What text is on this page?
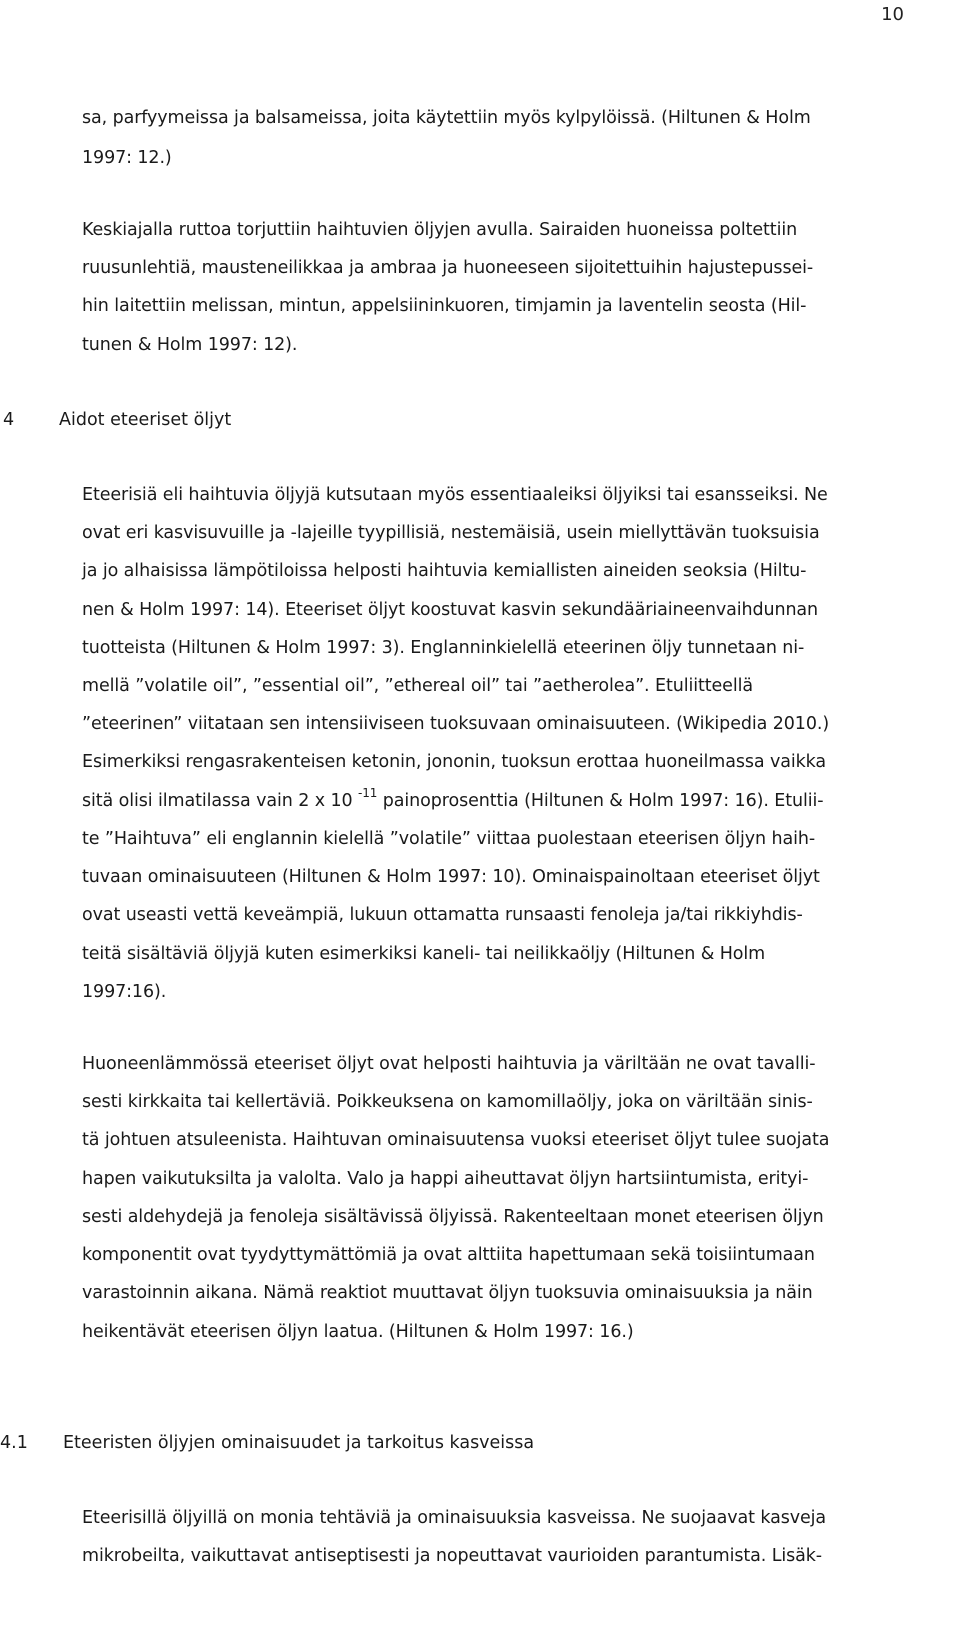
10
sa, parfyymeissa ja balsameissa, joita käytettiin myös kylpylöissä. (Hiltunen & Holm
1997: 12.)
Keskiajalla ruttoa torjuttiin haihtuvien öljyjen avulla. Sairaiden huoneissa poltettiin
ruusunlehtiä, mausteneilikkaa ja ambraa ja huoneeseen sijoitettuihin hajustepussei-
hin laitettiin melissan, mintun, appelsiininkuoren, timjamin ja laventelin seosta (Hil-
tunen & Holm 1997: 12).
4	Aidot eteeriset öljyt
Eteerisiä eli haihtuvia öljyjä kutsutaan myös essentiaaleiksi öljyiksi tai esansseiksi. Ne
ovat eri kasvisuvuille ja -lajeille tyypillisiä, nestemäisiä, usein miellyttävän tuoksuisia
ja jo alhaisissa lämpötiloissa helposti haihtuvia kemiallisten aineiden seoksia (Hiltu-
nen & Holm 1997: 14). Eteeriset öljyt koostuvat kasvin sekundääriaineenvaihdunnan
tuotteista (Hiltunen & Holm 1997: 3). Englanninkielellä eteerinen öljy tunnetaan ni-
mellä ”volatile oil”, ”essential oil”, ”ethereal oil” tai ”aetherolea”. Etuliitteellä
”eteerinen” viitataan sen intensiiviseen tuoksuvaan ominaisuuteen. (Wikipedia 2010.)
Esimerkiksi rengasrakenteisen ketonin, jononin, tuoksun erottaa huoneilmassa vaikka
sitä olisi ilmatilassa vain 2 x 10 $^{-11}$ painoprosenttia (Hiltunen & Holm 1997: 16). Etulii-
te ”Haihtuva” eli englannin kielellä ”volatile” viittaa puolestaan eteerisen öljyn haih-
tuvaan ominaisuuteen (Hiltunen & Holm 1997: 10). Ominaispainoltaan eteeriset öljyt
ovat useasti vettä keveämpiä, lukuun ottamatta runsaasti fenoleja ja/tai rikkiyhdis-
teitä sisältäviä öljyjä kuten esimerkiksi kaneli- tai neilikkaöljy (Hiltunen & Holm
1997:16).
Huoneenlämmössä eteeriset öljyt ovat helposti haihtuvia ja väriltään ne ovat tavalli-
sesti kirkkaita tai kellertäviä. Poikkeuksena on kamomillaöljy, joka on väriltään sinis-
tä johtuen atsuleenista. Haihtuvan ominaisuutensa vuoksi eteeriset öljyt tulee suojata
hapen vaikutuksilta ja valolta. Valo ja happi aiheuttavat öljyn hartsiintumista, erityi-
sesti aldehydejä ja fenoleja sisältävissä öljyissä. Rakenteeltaan monet eteerisen öljyn
komponentit ovat tyydyttymättömiä ja ovat alttiita hapettumaan sekä toisiintumaan
varastoinnin aikana. Nämä reaktiot muuttavat öljyn tuoksuvia ominaisuuksia ja näin
heikentävät eteerisen öljyn laatua. (Hiltunen & Holm 1997: 16.)
4.1 Eteeristen öljyjen ominaisuudet ja tarkoitus kasveissa
Eteerisillä öljyillä on monia tehtäviä ja ominaisuuksia kasveissa. Ne suojaavat kasveja
mikrobeilta, vaikuttavat antiseptisesti ja nopeuttavat vaurioiden parantumista. Lisäk-
